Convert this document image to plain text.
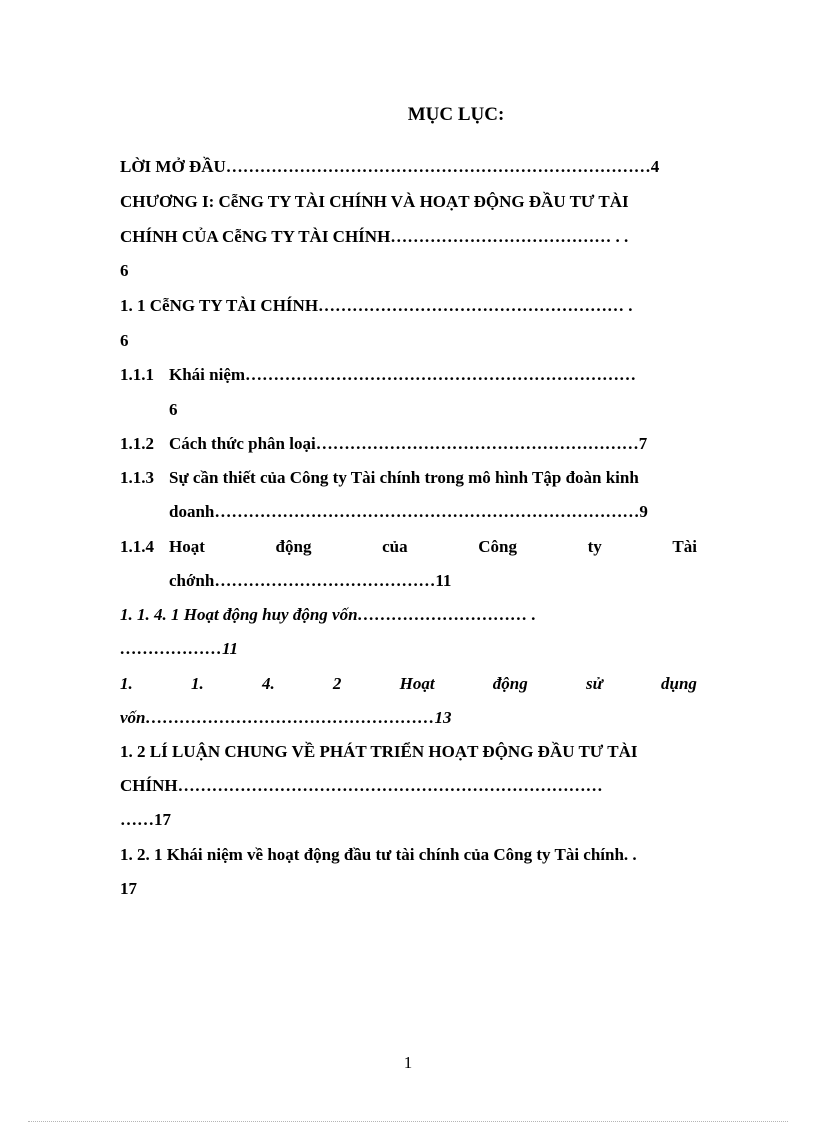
MỤC LỤC:
LỜI MỞ ĐẦU…………………………………………………………………4
CHƯƠNG I: CễNG TY TÀI CHÍNH VÀ HOẠT ĐỘNG ĐẦU TƯ TÀI
CHÍNH CỦA CễNG TY TÀI CHÍNH………………………………… . .
6
1. 1 CễNG TY TÀI CHÍNH……………………………………………… .
6
1.1.1 Khái niệm……………………………………………………………
6
1.1.2 Cách thức phân loại…………………………………………………7
1.1.3 Sự cần thiết của Công ty Tài chính trong mô hình Tập đoàn kinh
doanh…………………………………………………………………9
1.1.4 Hoạt	động	của	Công	ty	Tài
chớnh…………………………………11
1. 1. 4. 1 Hoạt động huy động vốn………………………… .
………………11
1.	1.	4.	2	Hoạt	động	sử	dụng
vốn……………………………………………13
1. 2 LÍ LUẬN CHUNG VỀ PHÁT TRIỂN HOẠT ĐỘNG ĐẦU TƯ TÀI
CHÍNH…………………………………………………………………
……17
1. 2. 1 Khái niệm về hoạt động đầu tư tài chính của Công ty Tài chính. .
17
1
